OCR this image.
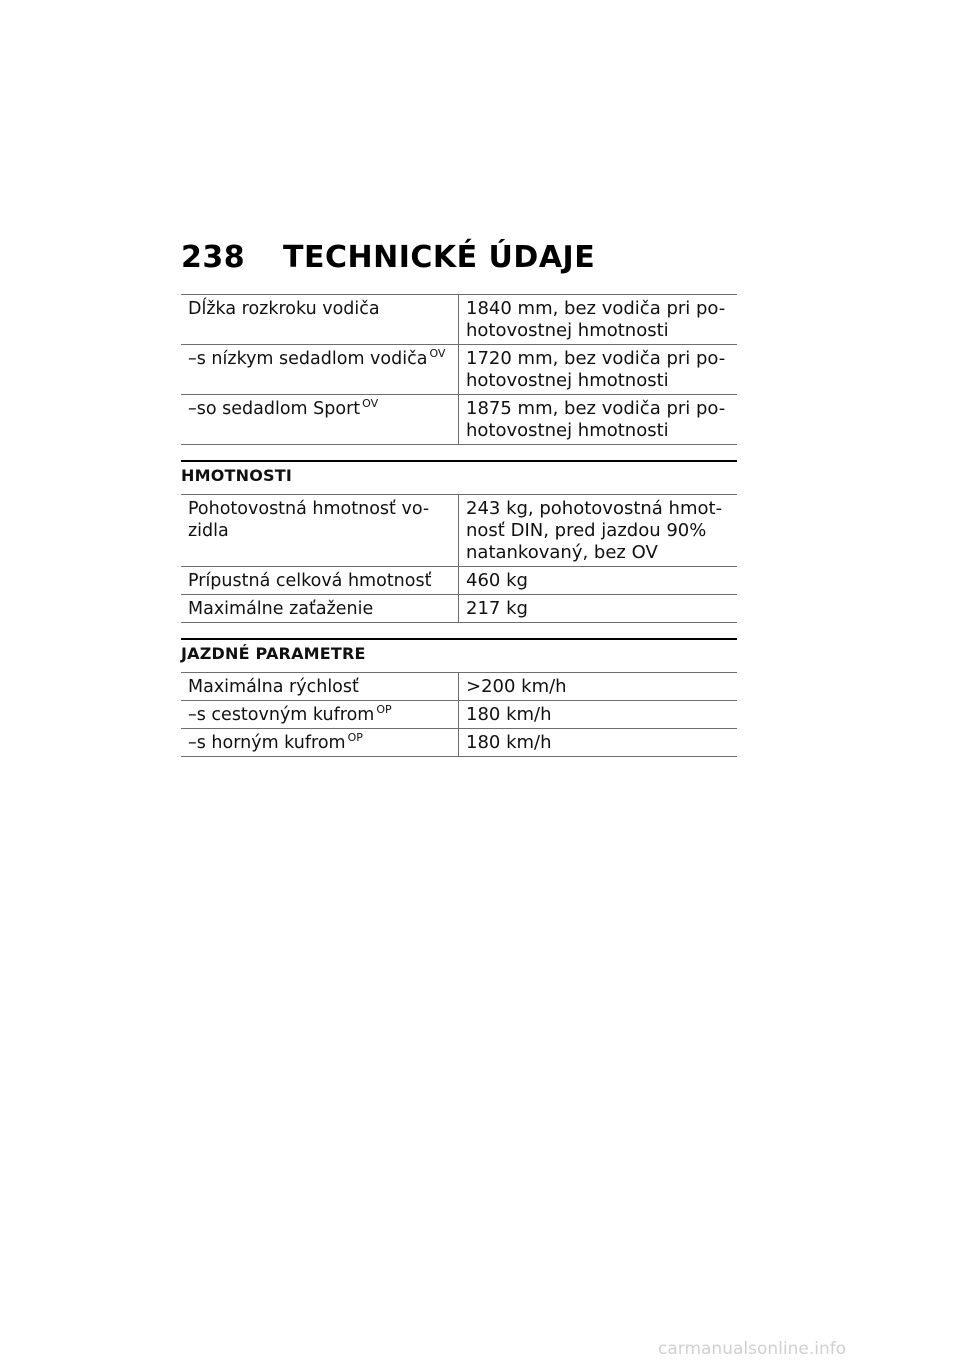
238	TECHNICKÉ ÚDAJE
Dĺžka rozkroku vodiča	1840 mm, bez vodiča pri po-
hotovostnej hmotnosti
–s nízkym sedadlom vodiča $^{OV}$	1720 mm, bez vodiča pri po-
hotovostnej hmotnosti
–so sedadlom Sport $^{OV}$	1875 mm, bez vodiča pri po-
hotovostnej hmotnosti
HMOTNOSTI
Pohotovostná hmotnosť vo-
zidla	243 kg, pohotovostná hmot-
nosť DIN, pred jazdou 90%
natankovaný, bez OV
Prípustná celková hmotnosť	460 kg
Maximálne zaťaženie	217 kg
JAZDNÉ PARAMETRE
Maximálna rýchlosť	>200 km/h
–s cestovným kufrom $^{OP}$	180 km/h
–s horným kufrom $^{OP}$	180 km/h
carmanualsonline.info
